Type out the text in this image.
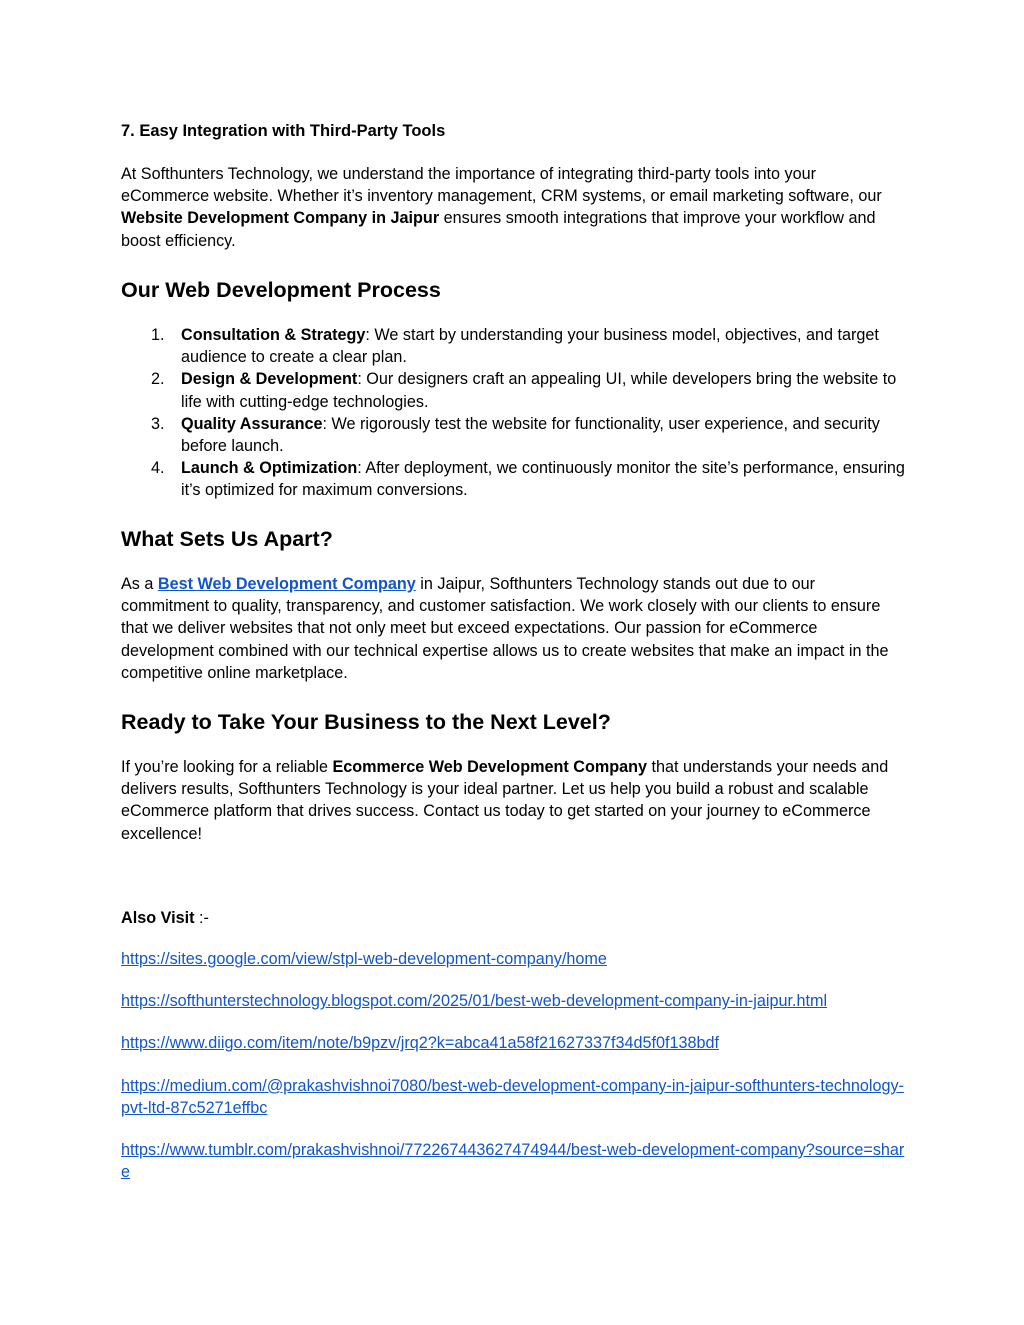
7. Easy Integration with Third-Party Tools

At Softhunters Technology, we understand the importance of integrating third-party tools into your eCommerce website. Whether it’s inventory management, CRM systems, or email marketing software, our Website Development Company in Jaipur ensures smooth integrations that improve your workflow and boost efficiency.

Our Web Development Process
1. Consultation & Strategy: We start by understanding your business model, objectives, and target audience to create a clear plan.
2. Design & Development: Our designers craft an appealing UI, while developers bring the website to life with cutting-edge technologies.
3. Quality Assurance: We rigorously test the website for functionality, user experience, and security before launch.
4. Launch & Optimization: After deployment, we continuously monitor the site’s performance, ensuring it’s optimized for maximum conversions.
What Sets Us Apart?

As a Best Web Development Company in Jaipur, Softhunters Technology stands out due to our commitment to quality, transparency, and customer satisfaction. We work closely with our clients to ensure that we deliver websites that not only meet but exceed expectations. Our passion for eCommerce development combined with our technical expertise allows us to create websites that make an impact in the competitive online marketplace.

Ready to Take Your Business to the Next Level?

If you’re looking for a reliable Ecommerce Web Development Company that understands your needs and delivers results, Softhunters Technology is your ideal partner. Let us help you build a robust and scalable eCommerce platform that drives success. Contact us today to get started on your journey to eCommerce excellence!

Also Visit :-

https://sites.google.com/view/stpl-web-development-company/home

https://softhunterstechnology.blogspot.com/2025/01/best-web-development-company-in-jaipur.html

https://www.diigo.com/item/note/b9pzv/jrq2?k=abca41a58f21627337f34d5f0f138bdf

https://medium.com/@prakashvishnoi7080/best-web-development-company-in-jaipur-softhunters-technology-pvt-ltd-87c5271effbc

https://www.tumblr.com/prakashvishnoi/772267443627474944/best-web-development-company?source=share
